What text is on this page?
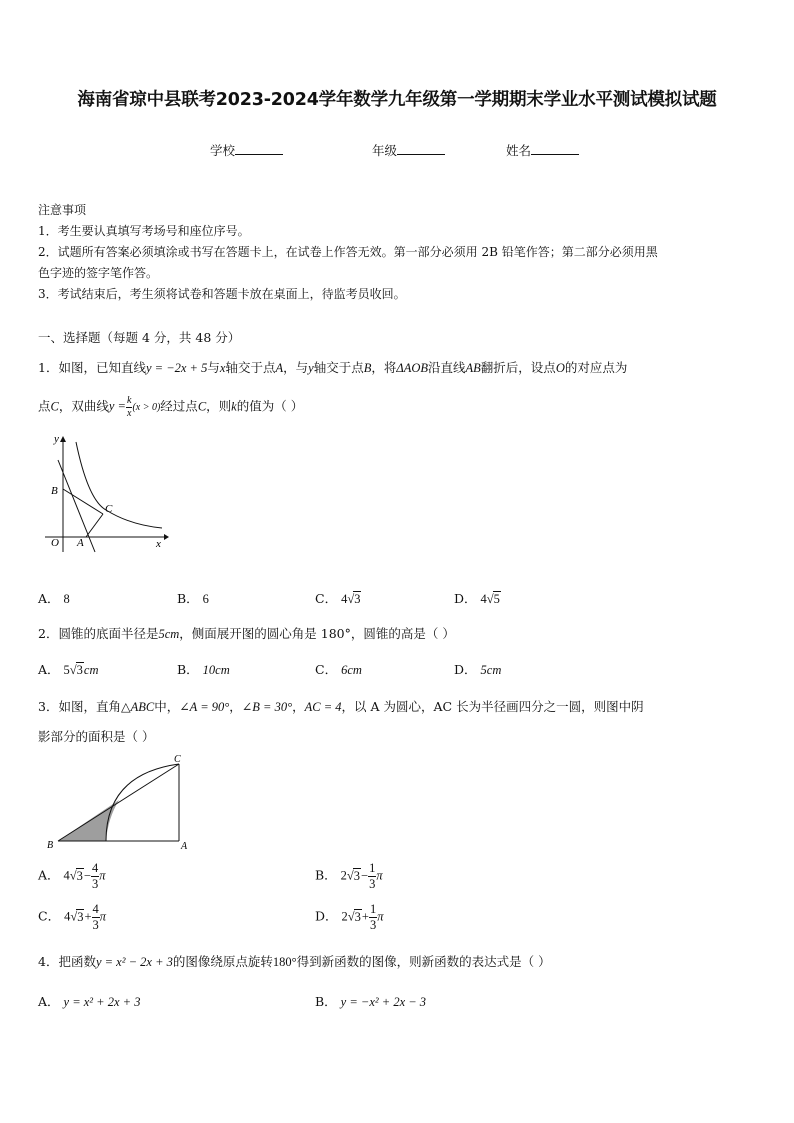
海南省琼中县联考2023-2024学年数学九年级第一学期期末学业水平测试模拟试题
学校	年级	姓名
注意事项
1．考生要认真填写考场号和座位序号。
2．试题所有答案必须填涂或书写在答题卡上，在试卷上作答无效。第一部分必须用 2B 铅笔作答；第二部分必须用黑
色字迹的签字笔作答。
3．考试结束后，考生须将试卷和答题卡放在桌面上，待监考员收回。
一、选择题（每题 4 分，共 48 分）
1．如图，已知直线y = −2x + 5与x轴交于点A，与y轴交于点B，将ΔAOB沿直线AB翻折后，设点O的对应点为
点C，双曲线$y = \frac{k}{x} (x > 0)$经过点C，则k的值为（ ）
y
x
O A
B
C
A． 8	B． 6	C． 4√3	D． 4√5
2．圆锥的底面半径是5cm，侧面展开图的圆心角是 180°，圆锥的高是（ ）
A． 5√3cm	B． 10cm	C． 6cm	D． 5cm
3．如图，直角△ABC中，∠A = 90°，∠B = 30°，AC = 4，以 A 为圆心，AC 长为半径画四分之一圆，则图中阴
影部分的面积是（ ）
B	A
C
A． $4√3- \frac{4}{3}$ π	B． $2√3- \frac{1}{3}$ π
C． $4√3+ \frac{4}{3}$ π	D． $2√3+ \frac{1}{3}$ π
4．把函数y = x² − 2x + 3的图像绕原点旋转180°得到新函数的图像，则新函数的表达式是（ ）
A． y = x² + 2x + 3	B． y = −x² + 2x − 3
